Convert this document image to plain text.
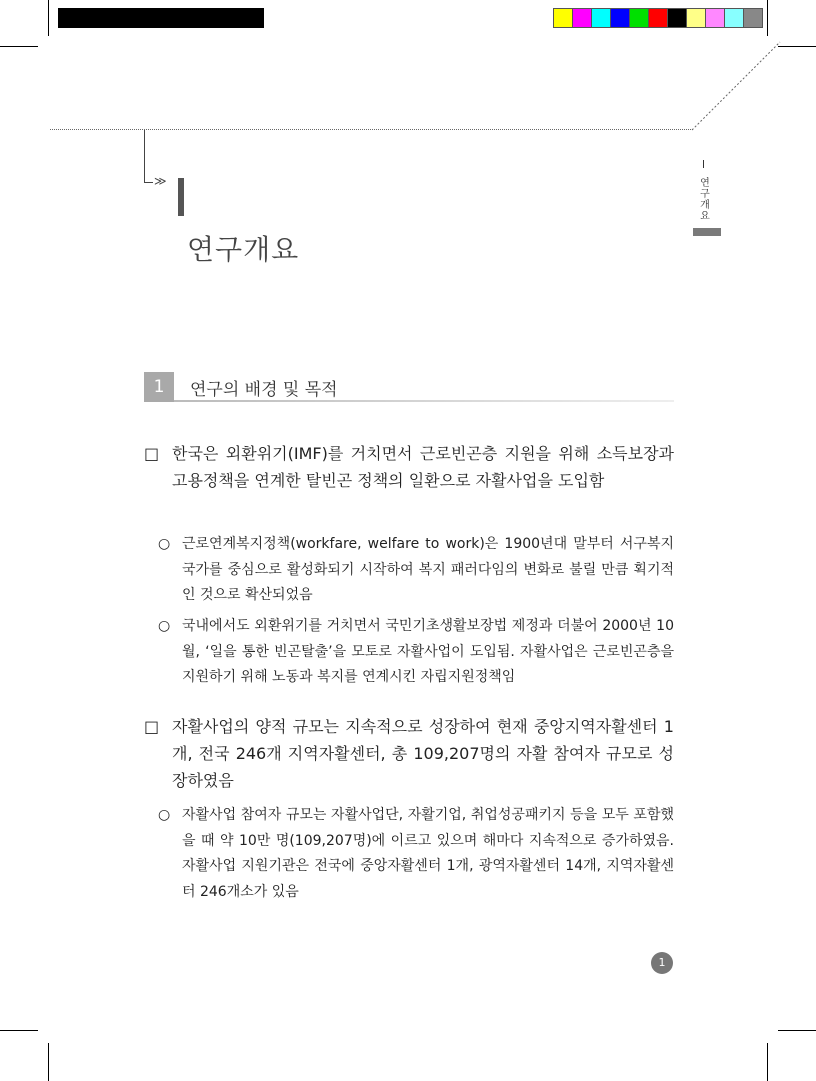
≫
연구개요
연구개요
1	연구의 배경 및 목적
□ 한국은 외환위기(IMF)를 거치면서 근로빈곤층 지원을 위해 소득보장과 고용정책을 연계한 탈빈곤 정책의 일환으로 자활사업을 도입함
○ 근로연계복지정책(workfare, welfare to work)은 1900년대 말부터 서구복지국가를 중심으로 활성화되기 시작하여 복지 패러다임의 변화로 불릴 만큼 획기적인 것으로 확산되었음
○ 국내에서도 외환위기를 거치면서 국민기초생활보장법 제정과 더불어 2000년 10월, ‘일을 통한 빈곤탈출’을 모토로 자활사업이 도입됨. 자활사업은 근로빈곤층을 지원하기 위해 노동과 복지를 연계시킨 자립지원정책임
□ 자활사업의 양적 규모는 지속적으로 성장하여 현재 중앙지역자활센터 1개, 전국 246개 지역자활센터, 총 109,207명의 자활 참여자 규모로 성장하였음
○ 자활사업 참여자 규모는 자활사업단, 자활기업, 취업성공패키지 등을 모두 포함했을 때 약 10만 명(109,207명)에 이르고 있으며 해마다 지속적으로 증가하였음. 자활사업 지원기관은 전국에 중앙자활센터 1개, 광역자활센터 14개, 지역자활센터 246개소가 있음
1
